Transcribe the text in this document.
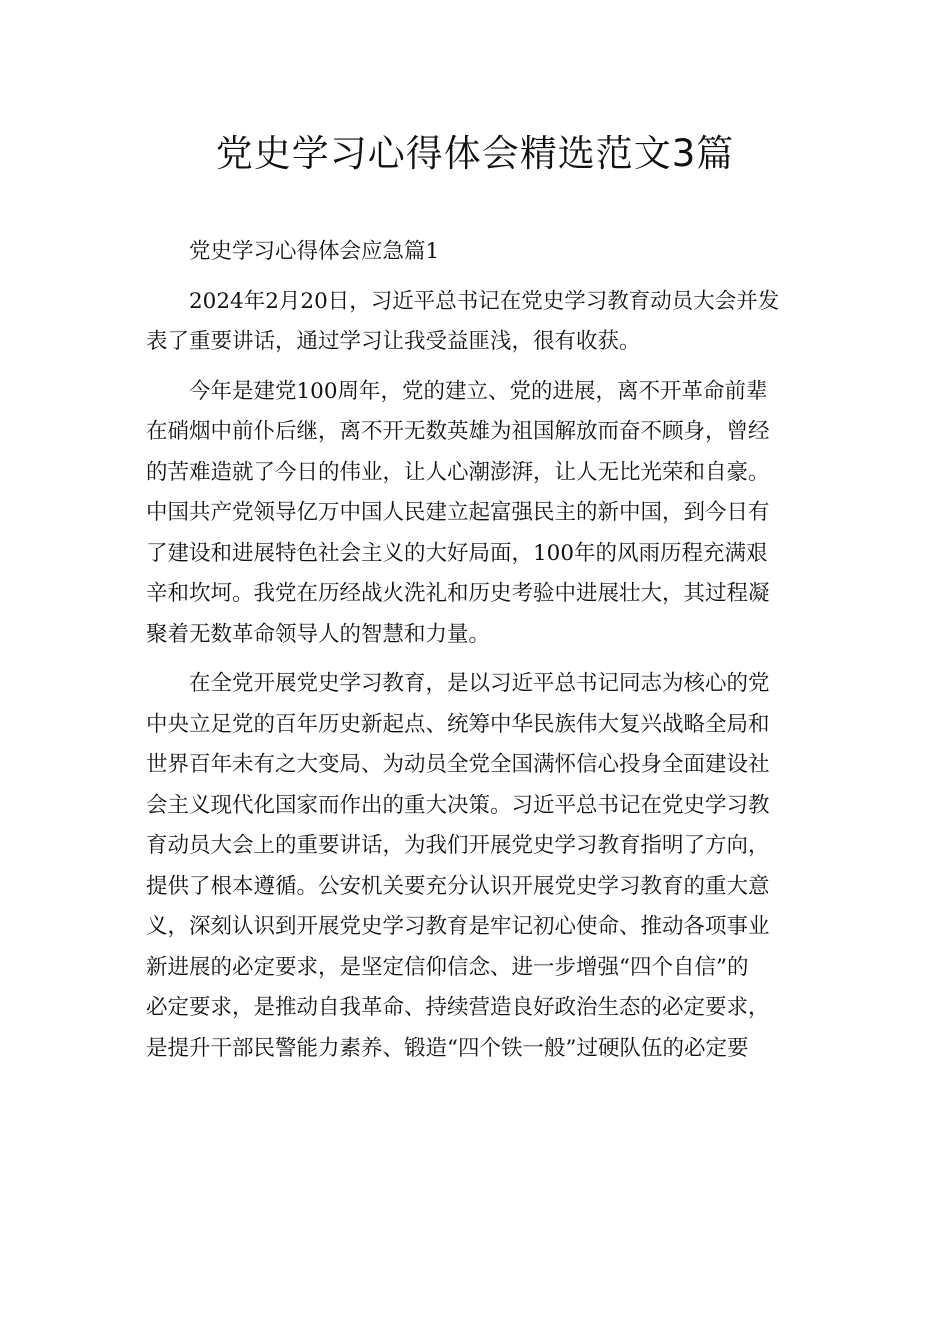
党史学习心得体会精选范文3篇
党史学习心得体会应急篇1
2024年2月20日，习近平总书记在党史学习教育动员大会并发
表了重要讲话，通过学习让我受益匪浅，很有收获。
今年是建党100周年，党的建立、党的进展，离不开革命前辈
在硝烟中前仆后继，离不开无数英雄为祖国解放而奋不顾身，曾经
的苦难造就了今日的伟业，让人心潮澎湃，让人无比光荣和自豪。
中国共产党领导亿万中国人民建立起富强民主的新中国，到今日有
了建设和进展特色社会主义的大好局面，100年的风雨历程充满艰
辛和坎坷。我党在历经战火洗礼和历史考验中进展壮大，其过程凝
聚着无数革命领导人的智慧和力量。
在全党开展党史学习教育，是以习近平总书记同志为核心的党
中央立足党的百年历史新起点、统筹中华民族伟大复兴战略全局和
世界百年未有之大变局、为动员全党全国满怀信心投身全面建设社
会主义现代化国家而作出的重大决策。习近平总书记在党史学习教
育动员大会上的重要讲话，为我们开展党史学习教育指明了方向，
提供了根本遵循。公安机关要充分认识开展党史学习教育的重大意
义，深刻认识到开展党史学习教育是牢记初心使命、推动各项事业
新进展的必定要求，是坚定信仰信念、进一步增强“四个自信”的
必定要求，是推动自我革命、持续营造良好政治生态的必定要求，
是提升干部民警能力素养、锻造“四个铁一般”过硬队伍的必定要
